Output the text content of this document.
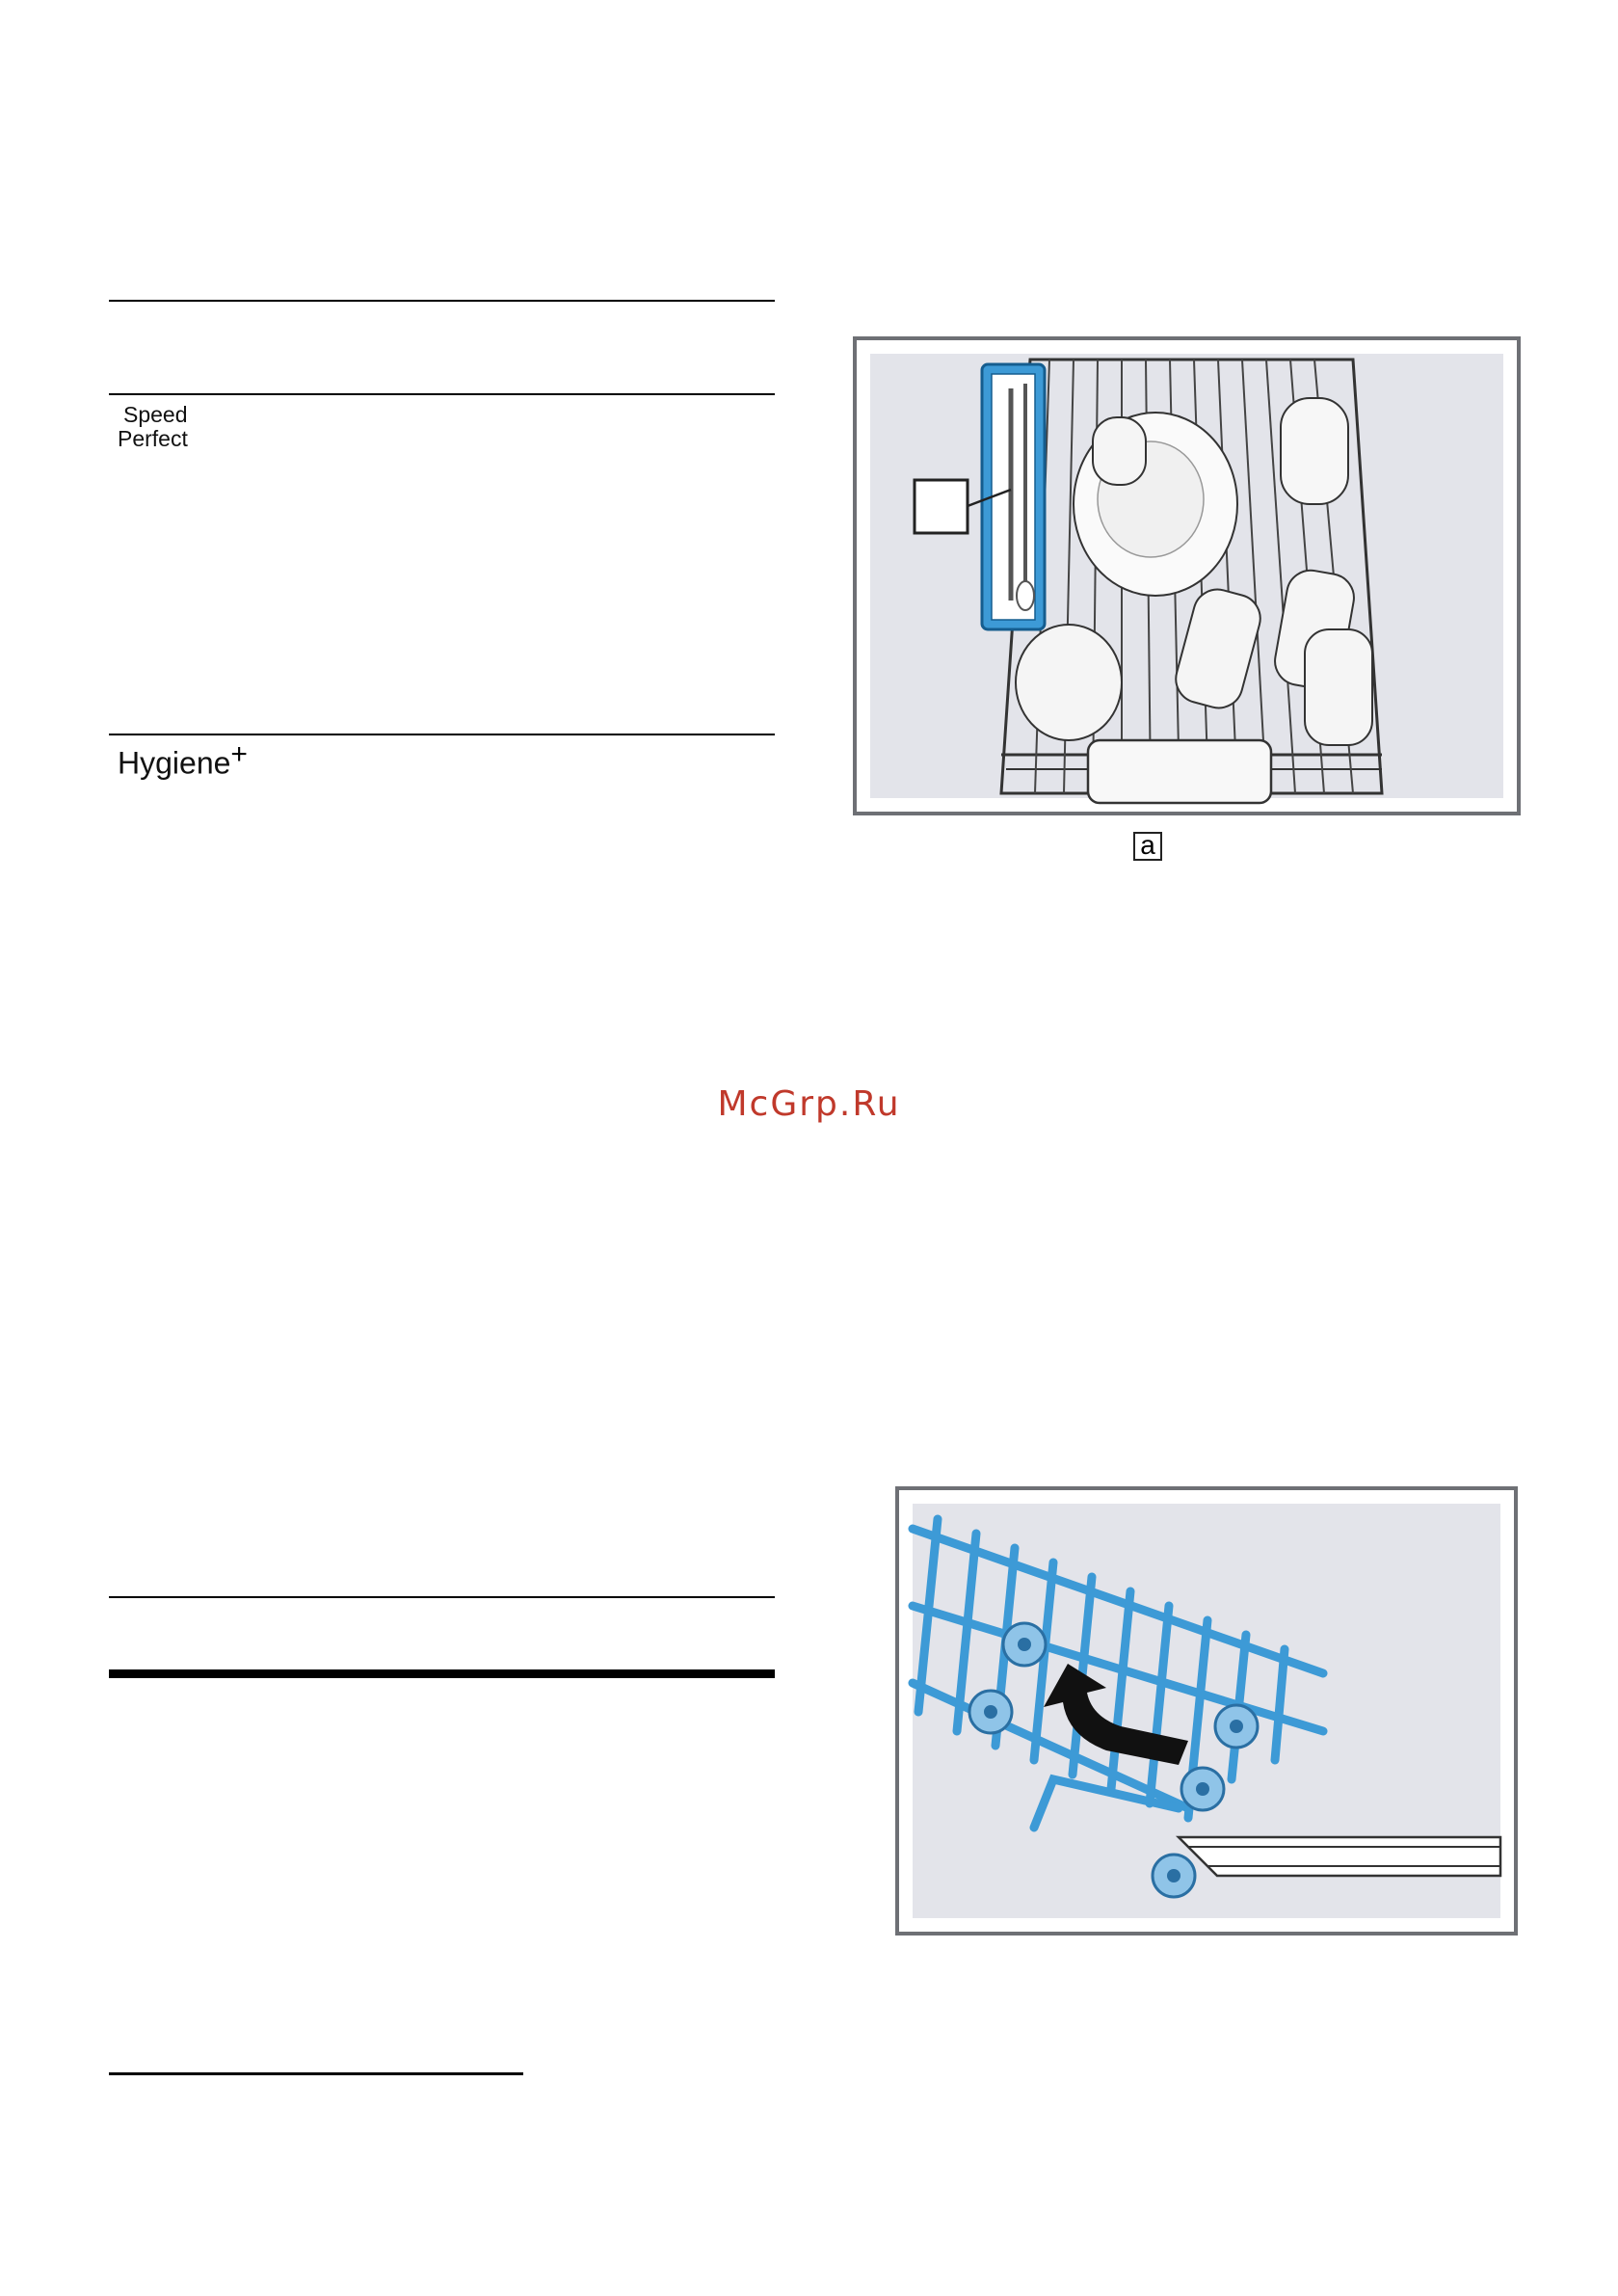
Speed
Perfect
Hygiene+
a
McGrp.Ru
